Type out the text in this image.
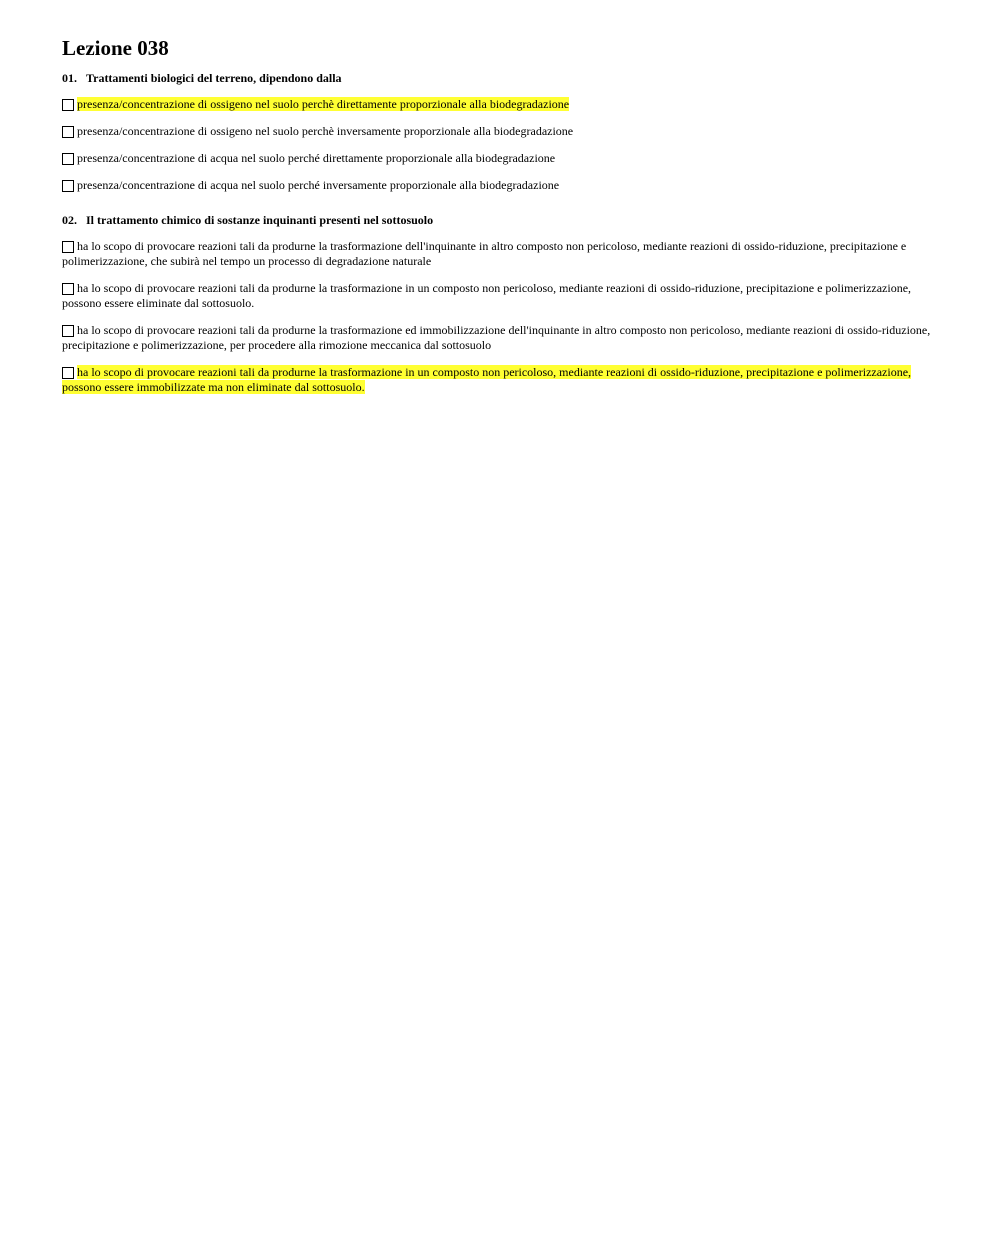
Lezione 038

01. Trattamenti biologici del terreno, dipendono dalla

presenza/concentrazione di ossigeno nel suolo perchè direttamente proporzionale alla biodegradazione

presenza/concentrazione di ossigeno nel suolo perchè inversamente proporzionale alla biodegradazione

presenza/concentrazione di acqua nel suolo perché direttamente proporzionale alla biodegradazione

presenza/concentrazione di acqua nel suolo perché inversamente proporzionale alla biodegradazione

02. Il trattamento chimico di sostanze inquinanti presenti nel sottosuolo

ha lo scopo di provocare reazioni tali da produrne la trasformazione dell'inquinante in altro composto non pericoloso, mediante reazioni di ossido-riduzione, precipitazione e polimerizzazione, che subirà nel tempo un processo di degradazione naturale

ha lo scopo di provocare reazioni tali da produrne la trasformazione in un composto non pericoloso, mediante reazioni di ossido-riduzione, precipitazione e polimerizzazione, possono essere eliminate dal sottosuolo.

ha lo scopo di provocare reazioni tali da produrne la trasformazione ed immobilizzazione dell'inquinante in altro composto non pericoloso, mediante reazioni di ossido-riduzione, precipitazione e polimerizzazione, per procedere alla rimozione meccanica dal sottosuolo

ha lo scopo di provocare reazioni tali da produrne la trasformazione in un composto non pericoloso, mediante reazioni di ossido-riduzione, precipitazione e polimerizzazione, possono essere immobilizzate ma non eliminate dal sottosuolo.
